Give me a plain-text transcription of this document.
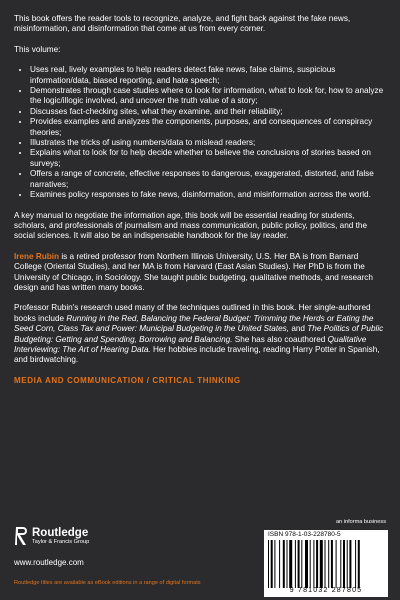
This book offers the reader tools to recognize, analyze, and fight back against the fake news, misinformation, and disinformation that come at us from every corner.

This volume:

• Uses real, lively examples to help readers detect fake news, false claims, suspicious information/data, biased reporting, and hate speech;
• Demonstrates through case studies where to look for information, what to look for, how to analyze the logic/illogic involved, and uncover the truth value of a story;
• Discusses fact-checking sites, what they examine, and their reliability;
• Provides examples and analyzes the components, purposes, and consequences of conspiracy theories;
• Illustrates the tricks of using numbers/data to mislead readers;
• Explains what to look for to help decide whether to believe the conclusions of stories based on surveys;
• Offers a range of concrete, effective responses to dangerous, exaggerated, distorted, and false narratives;
• Examines policy responses to fake news, disinformation, and misinformation across the world.

A key manual to negotiate the information age, this book will be essential reading for students, scholars, and professionals of journalism and mass communication, public policy, politics, and the social sciences. It will also be an indispensable handbook for the lay reader.

Irene Rubin is a retired professor from Northern Illinois University, U.S. Her BA is from Barnard College (Oriental Studies), and her MA is from Harvard (East Asian Studies). Her PhD is from the University of Chicago, in Sociology. She taught public budgeting, qualitative methods, and research design and has written many books.

Professor Rubin's research used many of the techniques outlined in this book. Her single-authored books include Running in the Red, Balancing the Federal Budget: Trimming the Herds or Eating the Seed Corn, Class Tax and Power: Municipal Budgeting in the United States, and The Politics of Public Budgeting: Getting and Spending, Borrowing and Balancing. She has also coauthored Qualitative Interviewing: The Art of Hearing Data. Her hobbies include traveling, reading Harry Potter in Spanish, and birdwatching.

MEDIA AND COMMUNICATION / CRITICAL THINKING
Routledge
Taylor & Francis Group
www.routledge.com
Routledge titles are available as eBook editions in a range of digital formats
an informa business
ISBN 978-1-03-228780-5
9 781032 287805
